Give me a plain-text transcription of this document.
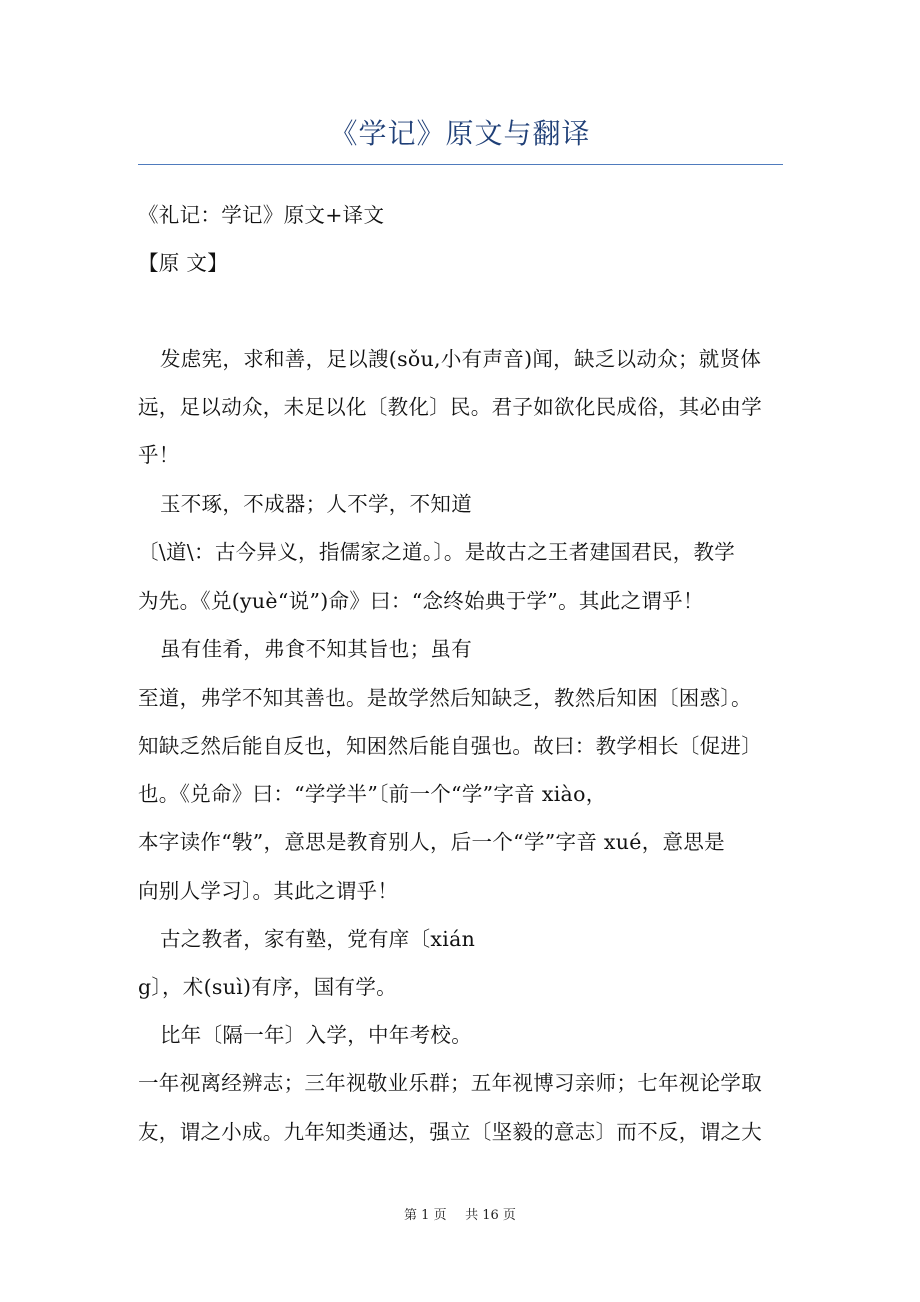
《学记》原文与翻译
《礼记：学记》原文+译文
【原 文】
发虑宪，求和善，足以謏(sǒu,小有声音)闻，缺乏以动众；就贤体
远，足以动众，未足以化〔教化〕民。君子如欲化民成俗，其必由学
乎！
玉不琢，不成器；人不学，不知道
〔\道\：古今异义，指儒家之道。〕。是故古之王者建国君民，教学
为先。《兑(yuè“说”)命》曰：“念终始典于学”。其此之谓乎！
虽有佳肴，弗食不知其旨也；虽有
至道，弗学不知其善也。是故学然后知缺乏，教然后知困〔困惑〕。
知缺乏然后能自反也，知困然后能自强也。故曰：教学相长〔促进〕
也。《兑命》曰：“学学半”〔前一个“学”字音 xiào，
本字读作“斅”，意思是教育别人，后一个“学”字音 xué，意思是
向别人学习〕。其此之谓乎！
古之教者，家有塾，党有庠〔xián
g〕，术(suì)有序，国有学。
比年〔隔一年〕入学，中年考校。
一年视离经辨志；三年视敬业乐群；五年视博习亲师；七年视论学取
友，谓之小成。九年知类通达，强立〔坚毅的意志〕而不反，谓之大
第 1 页 共 16 页
